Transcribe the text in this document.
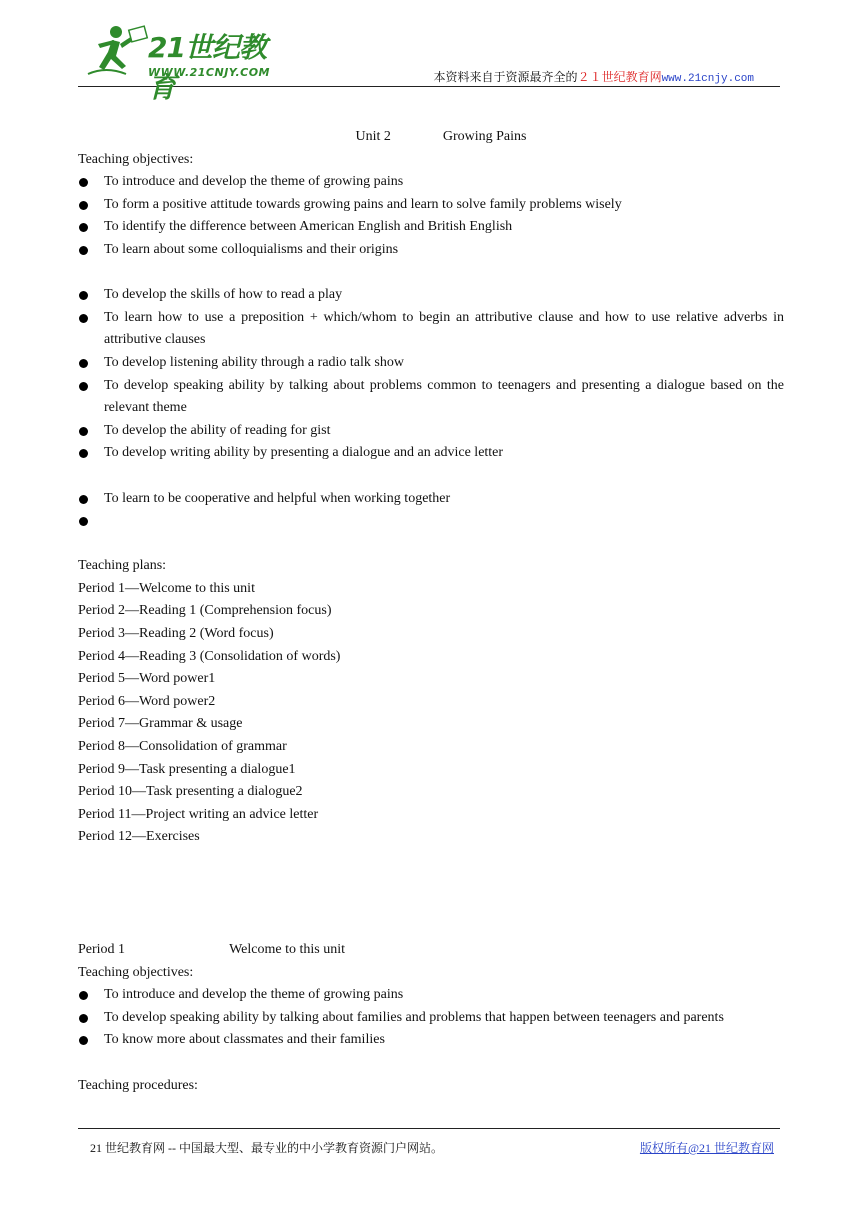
21世纪教育
WWW.21CNJY.COM	本资料来自于资源最齐全的２１世纪教育网www.21cnjy.com
Unit 2	Growing Pains
Teaching objectives:
To introduce and develop the theme of growing pains
To form a positive attitude towards growing pains and learn to solve family problems wisely
To identify the difference between American English and British English
To learn about some colloquialisms and their origins
To develop the skills of how to read a play
To learn how to use a preposition + which/whom to begin an attributive clause and how to use relative adverbs in attributive clauses
To develop listening ability through a radio talk show
To develop speaking ability by talking about problems common to teenagers and presenting a dialogue based on the relevant theme
To develop the ability of reading for gist
To develop writing ability by presenting a dialogue and an advice letter
To learn to be cooperative and helpful when working together

Teaching plans:
Period 1—Welcome to this unit
Period 2—Reading 1 (Comprehension focus)
Period 3—Reading 2 (Word focus)
Period 4—Reading 3 (Consolidation of words)
Period 5—Word power1
Period 6—Word power2
Period 7—Grammar & usage
Period 8—Consolidation of grammar
Period 9—Task presenting a dialogue1
Period 10—Task presenting a dialogue2
Period 11—Project writing an advice letter
Period 12—Exercises
Period 1	Welcome to this unit
Teaching objectives:
To introduce and develop the theme of growing pains
To develop speaking ability by talking about families and problems that happen between teenagers and parents
To know more about classmates and their families
Teaching procedures:
21 世纪教育网 -- 中国最大型、最专业的中小学教育资源门户网站。	版权所有@21 世纪教育网
